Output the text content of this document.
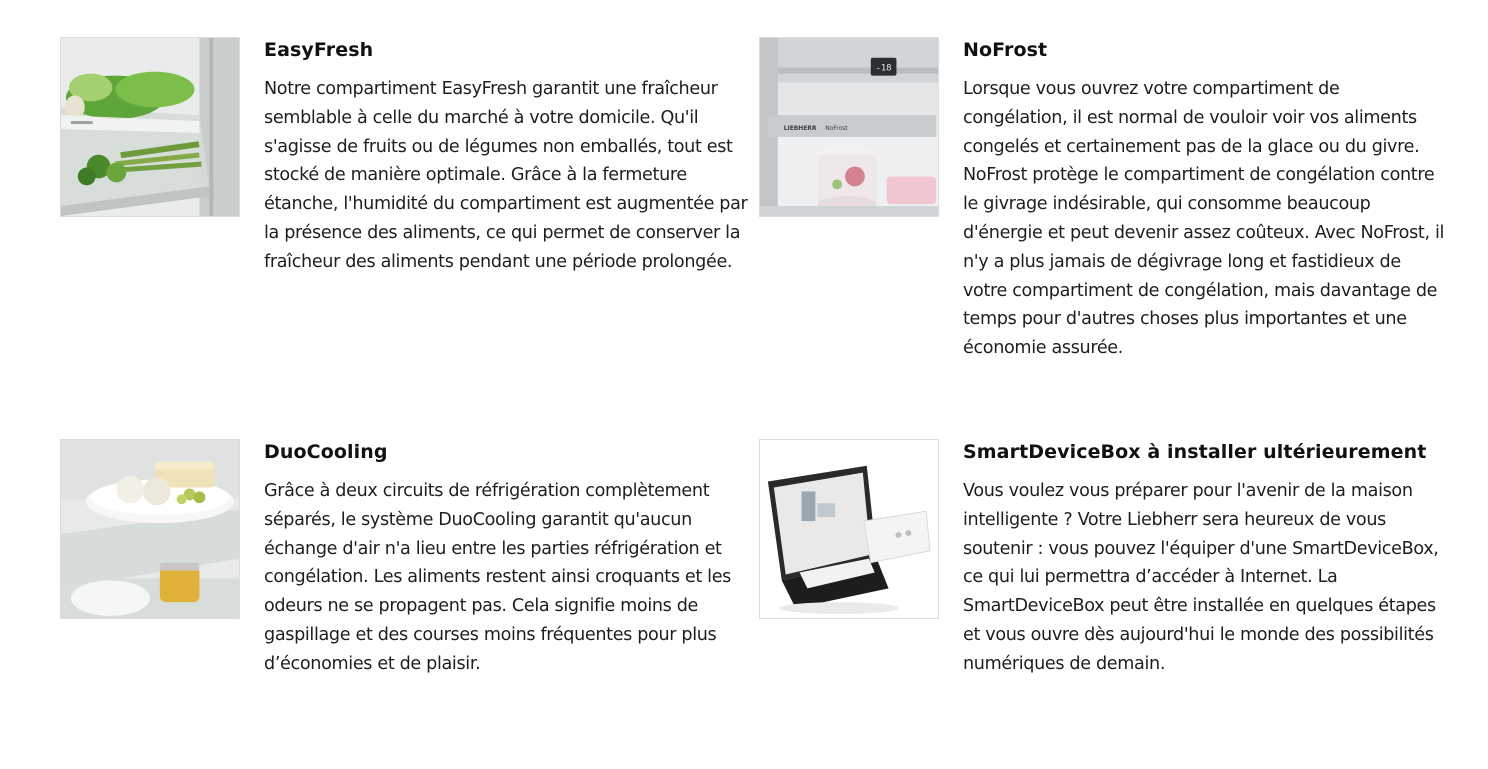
EasyFresh

Notre compartiment EasyFresh garantit une fraîcheur semblable à celle du marché à votre domicile. Qu'il s'agisse de fruits ou de légumes non emballés, tout est stocké de manière optimale. Grâce à la fermeture étanche, l'humidité du compartiment est augmentée par la présence des aliments, ce qui permet de conserver la fraîcheur des aliments pendant une période prolongée.

-18
LIEBHERR NoFrost
NoFrost

Lorsque vous ouvrez votre compartiment de congélation, il est normal de vouloir voir vos aliments congelés et certainement pas de la glace ou du givre. NoFrost protège le compartiment de congélation contre le givrage indésirable, qui consomme beaucoup d'énergie et peut devenir assez coûteux. Avec NoFrost, il n'y a plus jamais de dégivrage long et fastidieux de votre compartiment de congélation, mais davantage de temps pour d'autres choses plus importantes et une économie assurée.

DuoCooling

Grâce à deux circuits de réfrigération complètement séparés, le système DuoCooling garantit qu'aucun échange d'air n'a lieu entre les parties réfrigération et congélation. Les aliments restent ainsi croquants et les odeurs ne se propagent pas. Cela signifie moins de gaspillage et des courses moins fréquentes pour plus d’économies et de plaisir.

SmartDeviceBox à installer ultérieurement

Vous voulez vous préparer pour l'avenir de la maison intelligente ? Votre Liebherr sera heureux de vous soutenir : vous pouvez l'équiper d'une SmartDeviceBox, ce qui lui permettra d’accéder à Internet. La SmartDeviceBox peut être installée en quelques étapes et vous ouvre dès aujourd'hui le monde des possibilités numériques de demain.
